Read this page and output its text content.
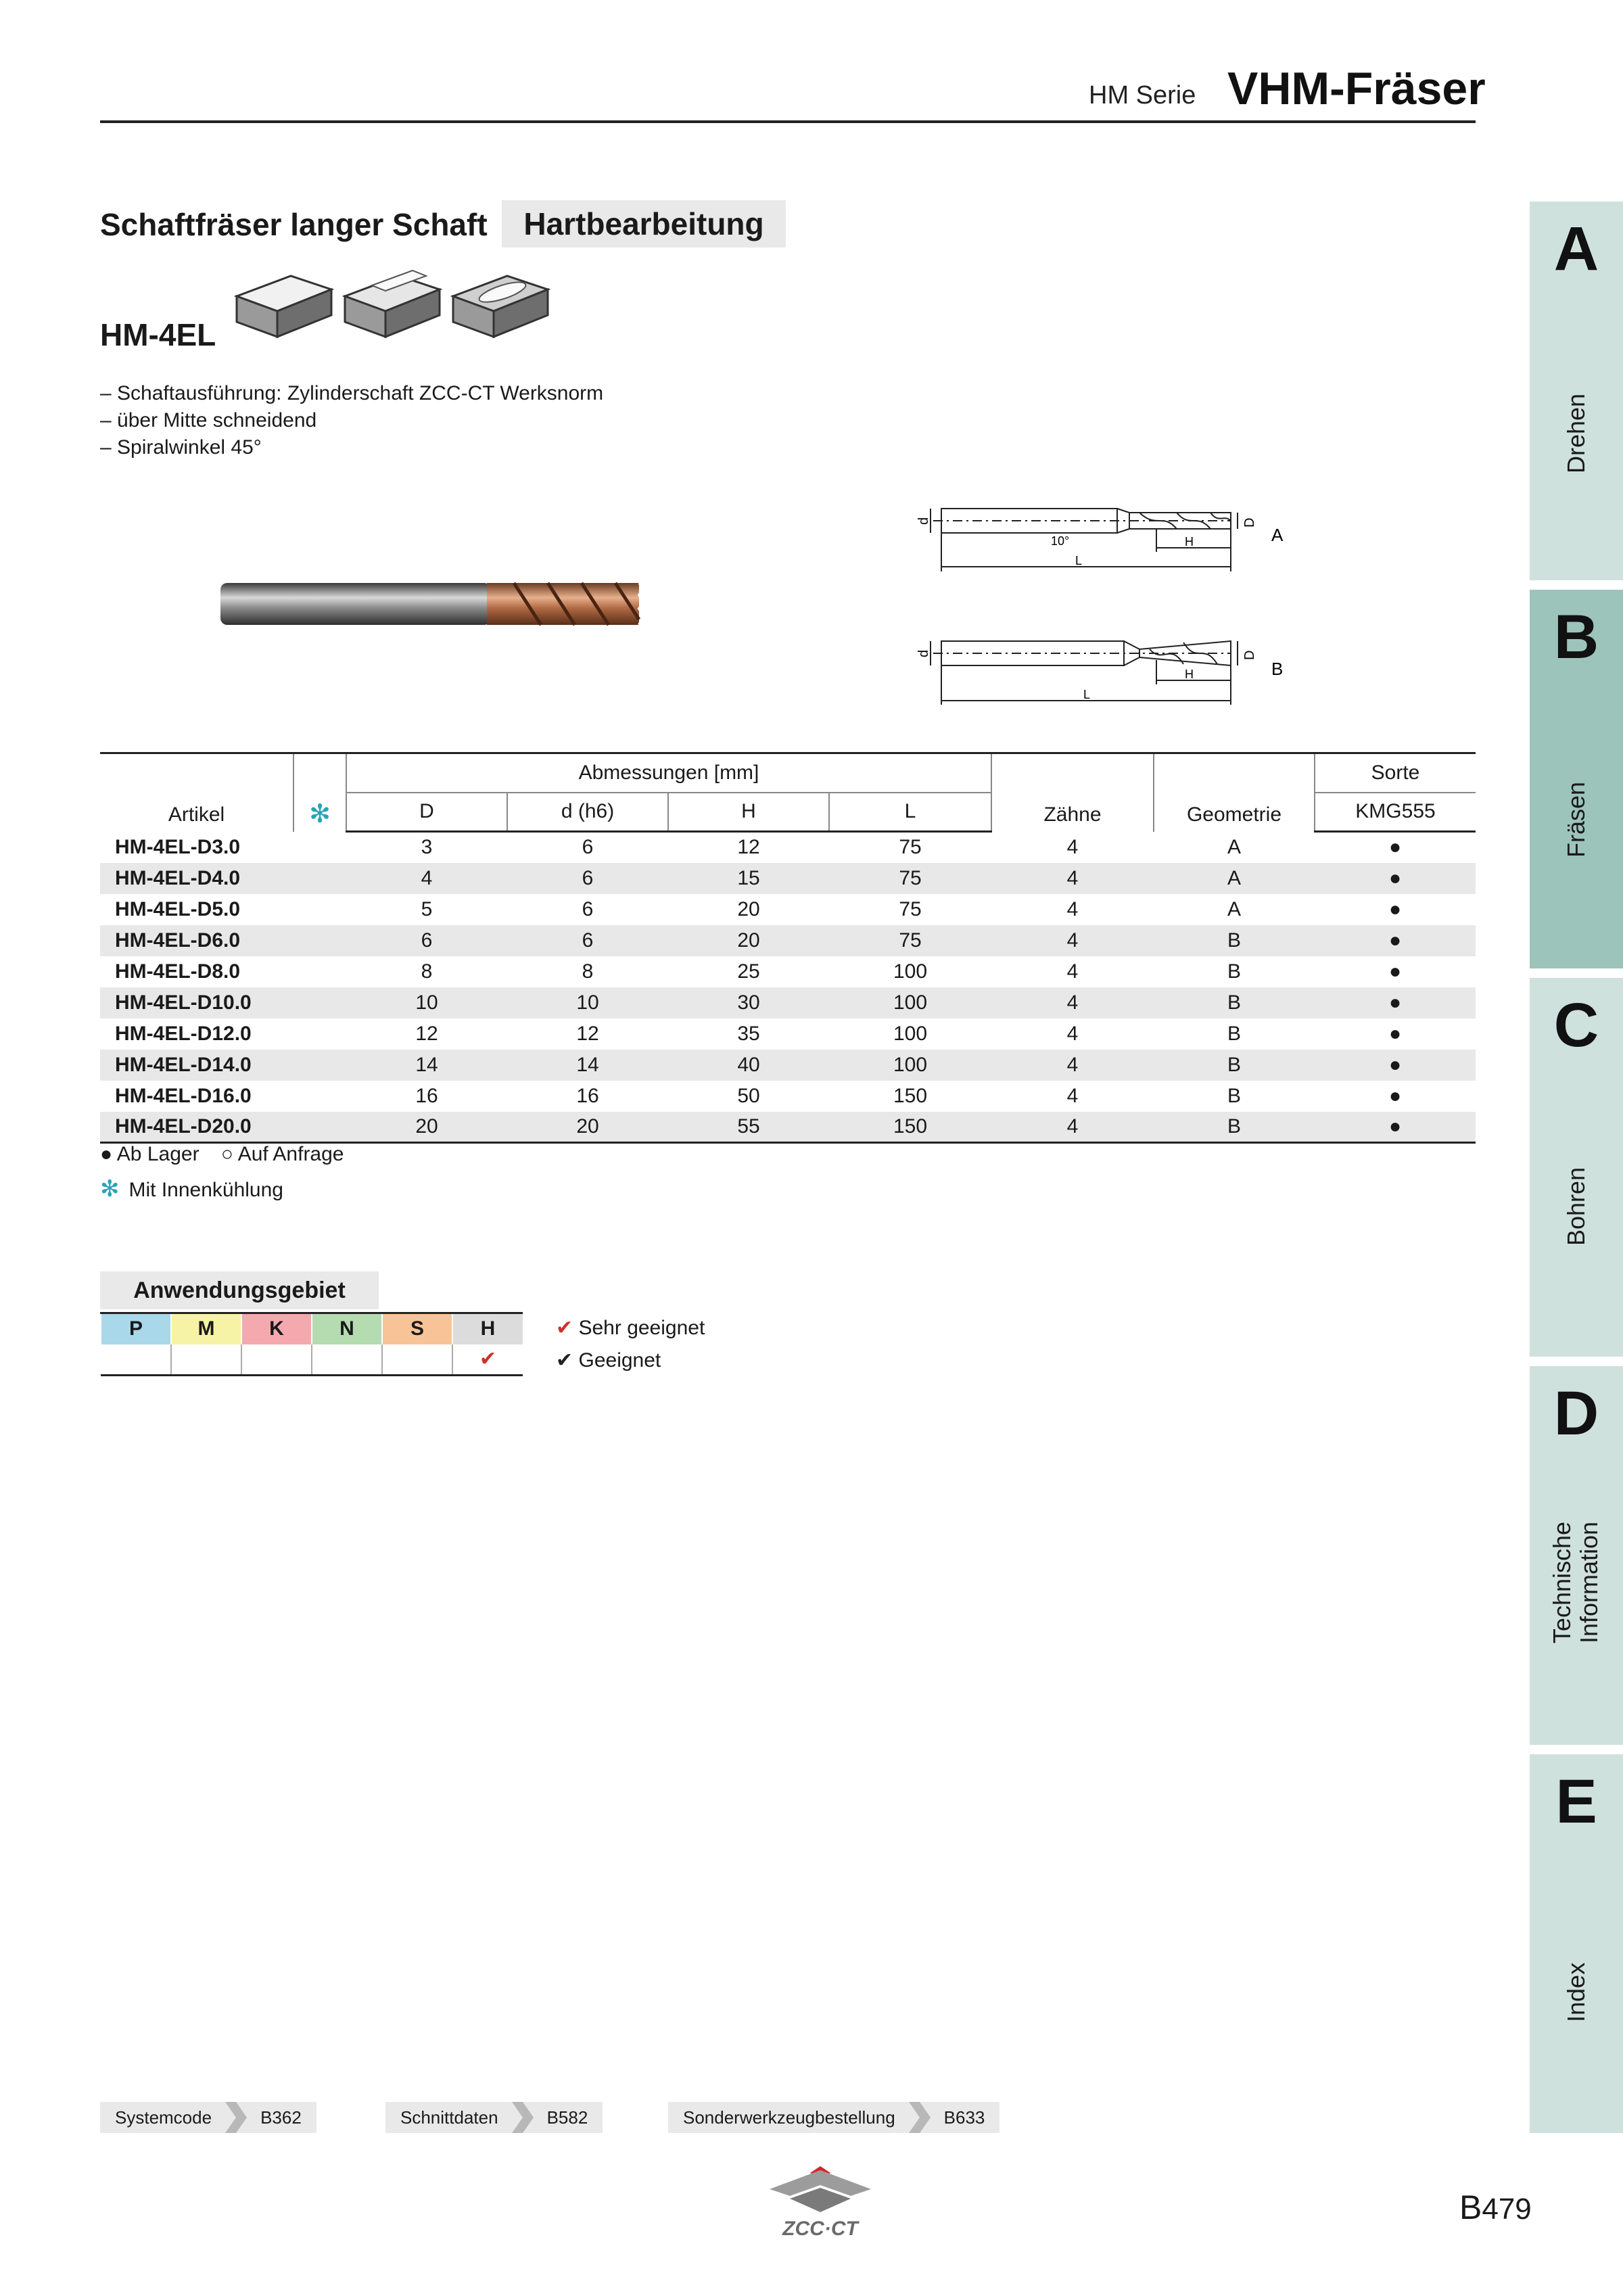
HM Serie VHM-Fräser
Schaftfräser langer Schaft	Hartbearbeitung
HM-4EL
– Schaftausführung: Zylinderschaft ZCC-CT Werksnorm
– über Mitte schneidend
– Spiralwinkel 45°
d	D
H
L
10°	A
d	D
H
L
B
Artikel	✻	Abmessungen [mm]				Zähne	Geometrie	Sorte
		D	d (h6)	H	L			KMG555
HM-4EL-D3.0		3	6	12	75	4	A	●
HM-4EL-D4.0		4	6	15	75	4	A	●
HM-4EL-D5.0		5	6	20	75	4	A	●
HM-4EL-D6.0		6	6	20	75	4	B	●
HM-4EL-D8.0		8	8	25	100	4	B	●
HM-4EL-D10.0		10	10	30	100	4	B	●
HM-4EL-D12.0		12	12	35	100	4	B	●
HM-4EL-D14.0		14	14	40	100	4	B	●
HM-4EL-D16.0		16	16	50	150	4	B	●
HM-4EL-D20.0		20	20	55	150	4	B	●
● Ab Lager ○ Auf Anfrage
✻ Mit Innenkühlung
Anwendungsgebiet
P	M	K	N	S	H
					✔
✔ Sehr geeignet
✔ Geeignet
A
B
C
D
E
Drehen
Fräsen
Bohren
Technische Information
Index
Systemcode	B362	Schnittdaten	B582	Sonderwerkzeugbestellung	B633
ZCC·CT
B479
